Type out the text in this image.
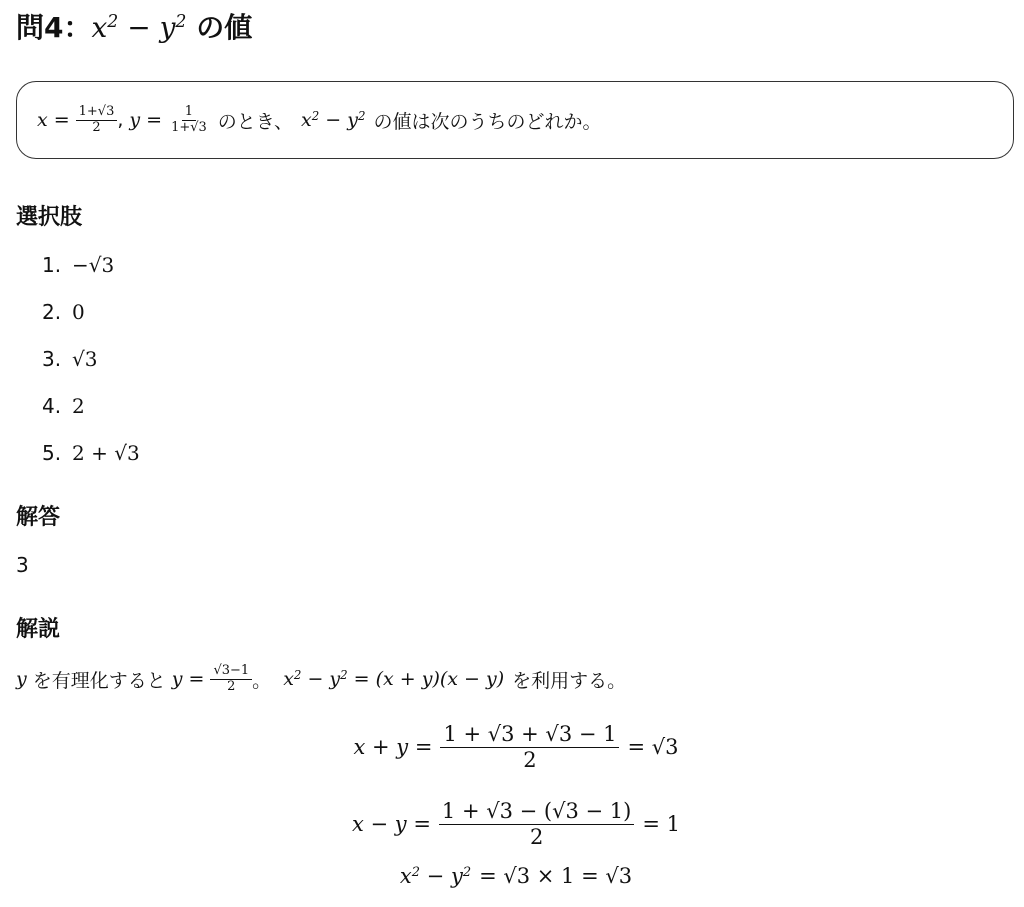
問4：$x^2 - y^2$ の値
$x = \frac{1+√3}{2}$ , $y = \frac{1}{1+√3}$ のとき、 $x^2 - y^2$ の値は次のうちのどれか。
選択肢
1. −√3
2. 0
3. √3
4. 2
5. 2 + √3
解答
3
解説
y を有理化すると $y = \frac{√3-1}{2}$ 。 $x^2 - y^2 = (x + y)(x - y)$ を利用する。
$x + y = \frac{1 + √3 + √3 - 1}{2} = √3$
$x - y = \frac{1 + √3 - (√3 - 1)}{2} = 1$
$x^2 - y^2 = √3 \times 1 = √3$
